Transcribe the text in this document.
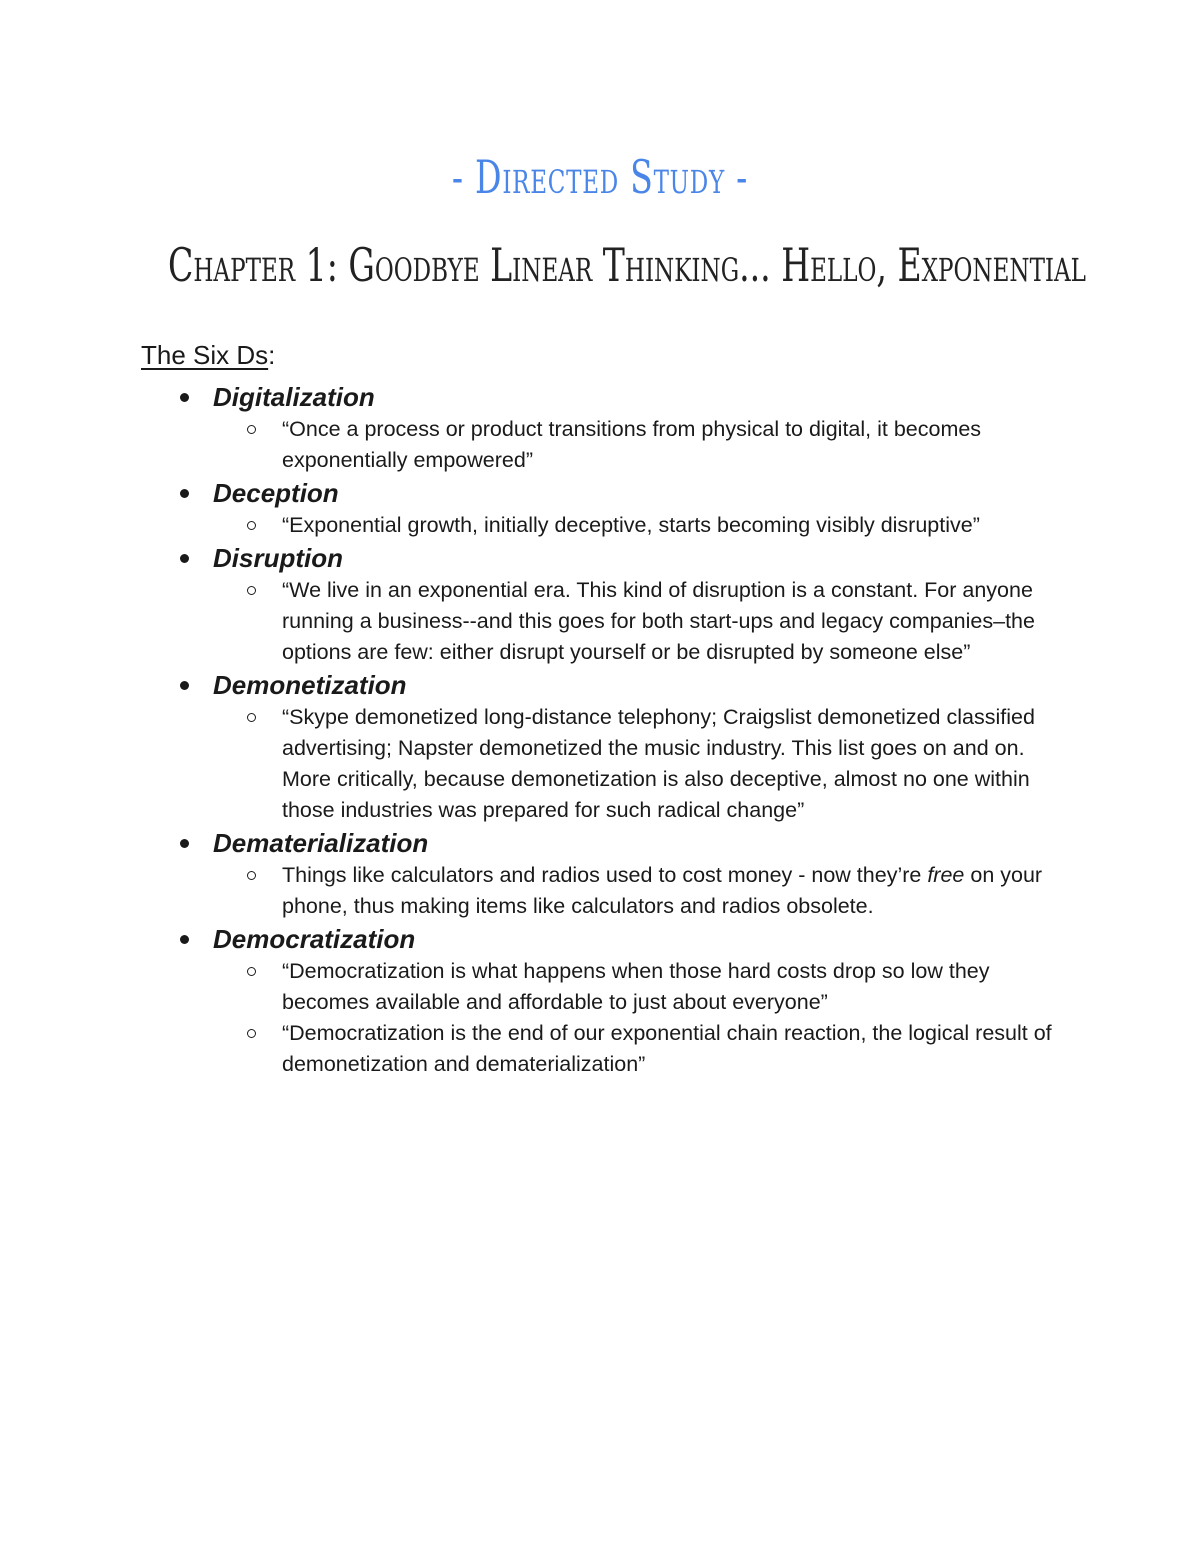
- Directed Study -
Chapter 1: Goodbye Linear Thinking... Hello, Exponential
The Six Ds:
Digitalization
“Once a process or product transitions from physical to digital, it becomes exponentially empowered”
Deception
“Exponential growth, initially deceptive, starts becoming visibly disruptive”
Disruption
“We live in an exponential era. This kind of disruption is a constant. For anyone running a business--and this goes for both start-ups and legacy companies–the options are few: either disrupt yourself or be disrupted by someone else”
Demonetization
“Skype demonetized long-distance telephony; Craigslist demonetized classified advertising; Napster demonetized the music industry. This list goes on and on. More critically, because demonetization is also deceptive, almost no one within those industries was prepared for such radical change”
Dematerialization
Things like calculators and radios used to cost money - now they’re free on your phone, thus making items like calculators and radios obsolete.
Democratization
“Democratization is what happens when those hard costs drop so low they becomes available and affordable to just about everyone”
“Democratization is the end of our exponential chain reaction, the logical result of demonetization and dematerialization”
